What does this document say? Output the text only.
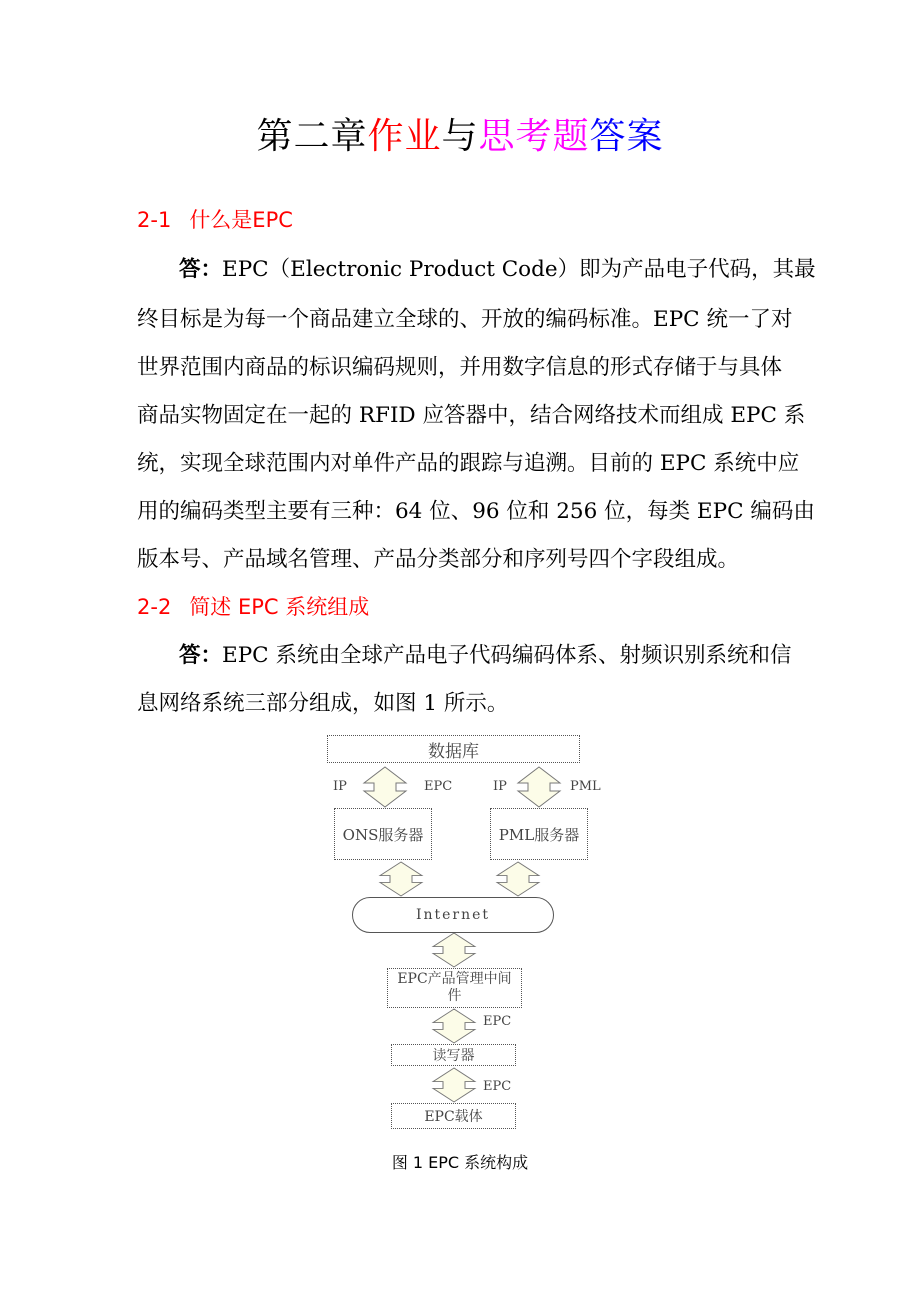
第二章作业与思考题答案
2-1 什么是EPC
答：EPC（Electronic Product Code）即为产品电子代码，其最
终目标是为每一个商品建立全球的、开放的编码标准。EPC 统一了对
世界范围内商品的标识编码规则，并用数字信息的形式存储于与具体
商品实物固定在一起的 RFID 应答器中，结合网络技术而组成 EPC 系
统，实现全球范围内对单件产品的跟踪与追溯。目前的 EPC 系统中应
用的编码类型主要有三种：64 位、96 位和 256 位，每类 EPC 编码由
版本号、产品域名管理、产品分类部分和序列号四个字段组成。
2-2 简述 EPC 系统组成
答：EPC 系统由全球产品电子代码编码体系、射频识别系统和信
息网络系统三部分组成，如图 1 所示。
数据库
IP	EPC	IP	PML
ONS服务器	PML服务器
Internet
EPC产品管理中间
件
EPC
读写器
EPC
EPC载体
图 1 EPC 系统构成
